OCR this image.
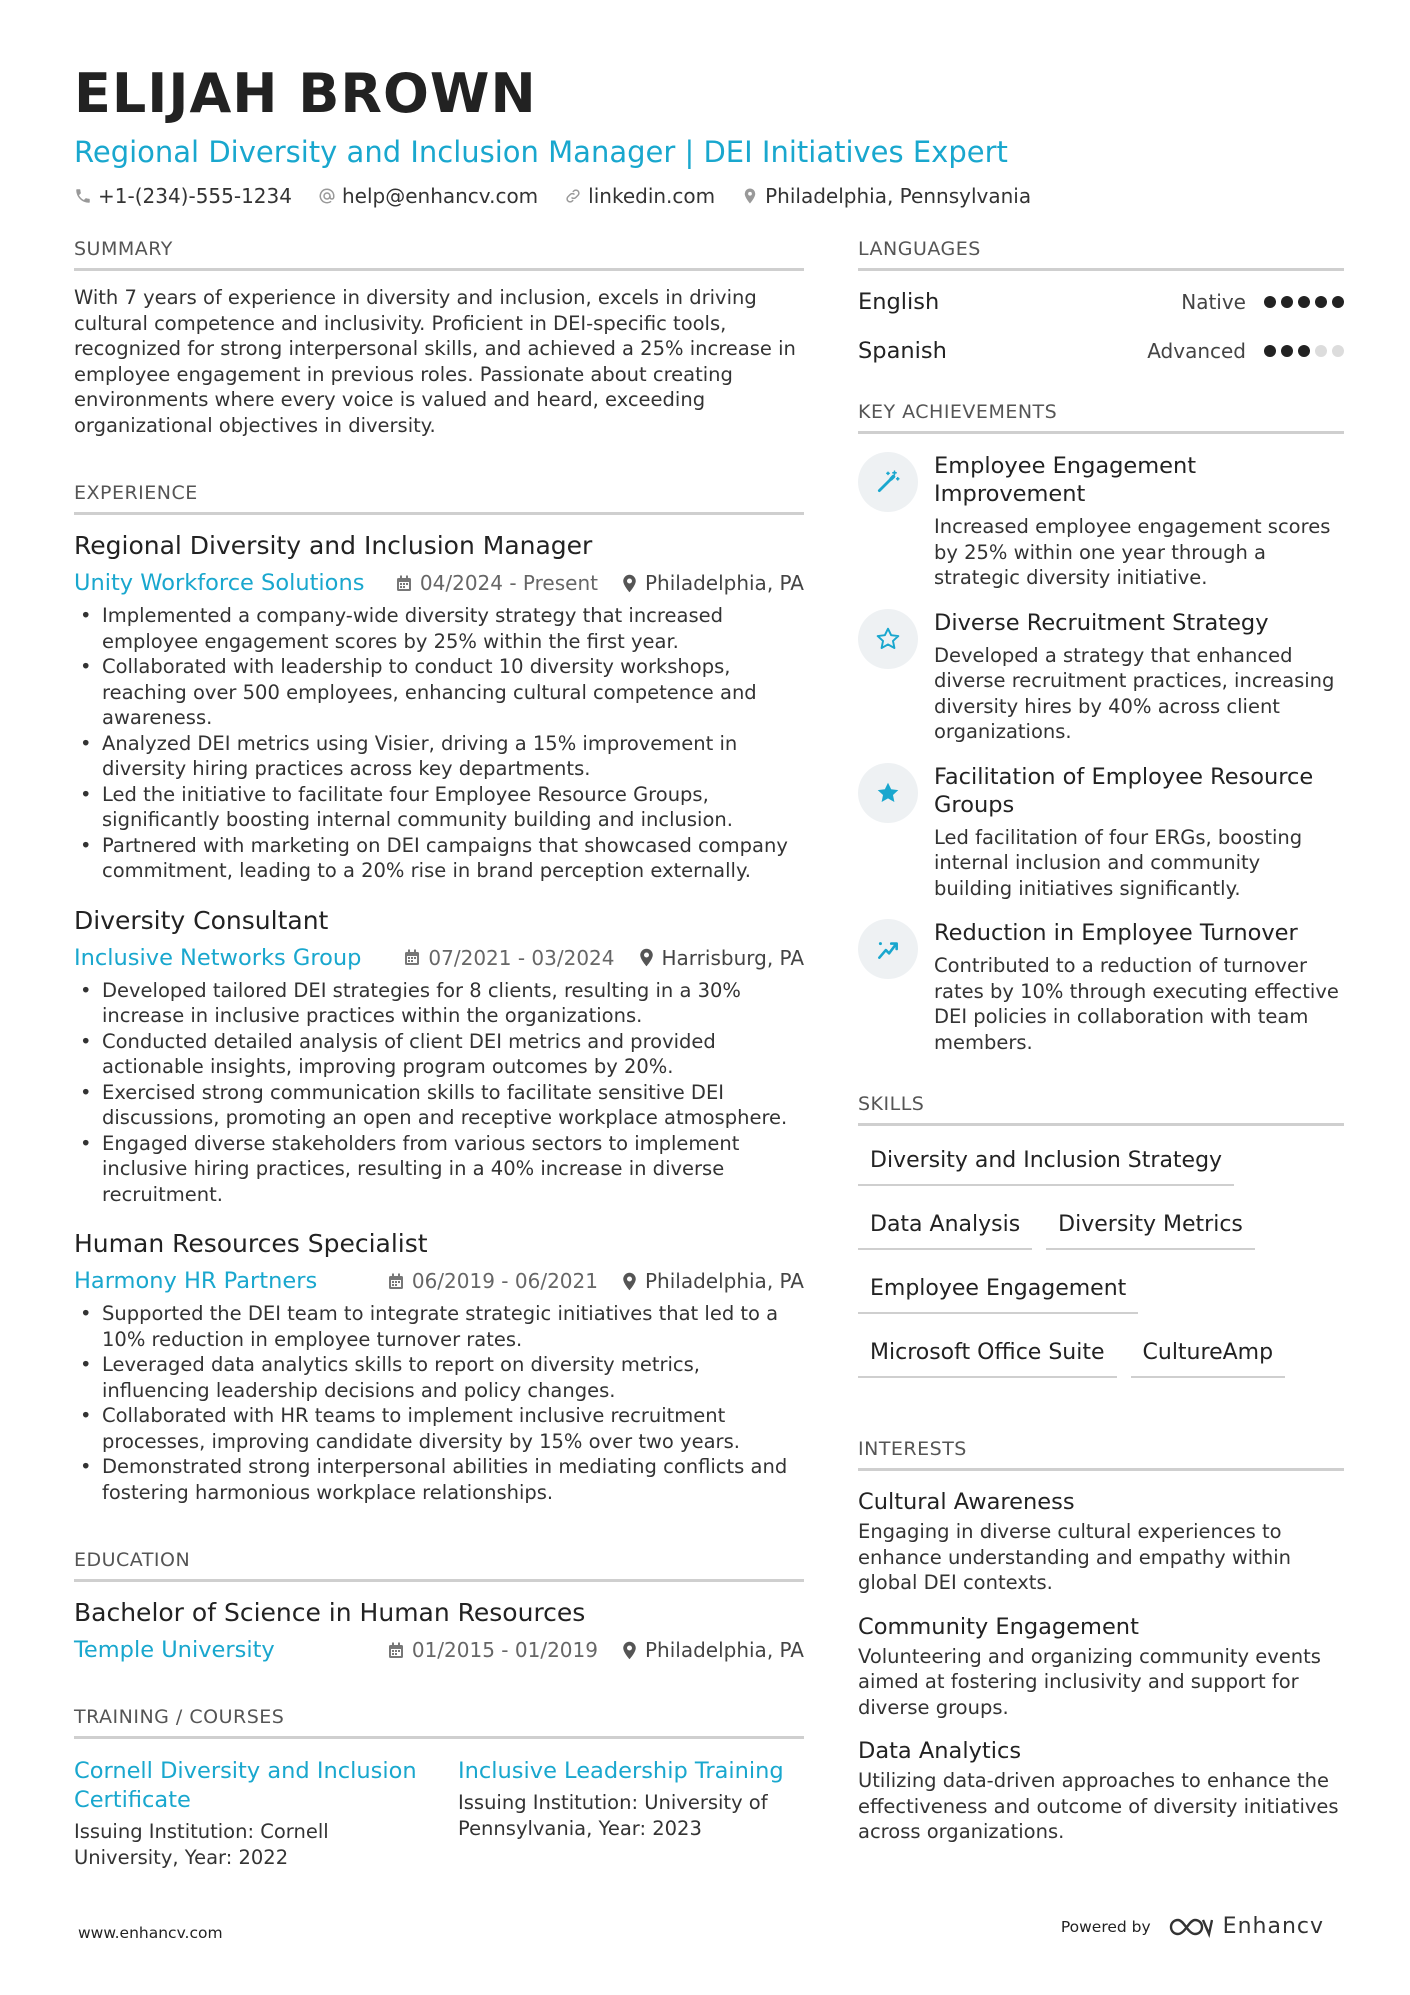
ELIJAH BROWN
Regional Diversity and Inclusion Manager | DEI Initiatives Expert
+1-(234)-555-1234	help@enhancv.com	linkedin.com	Philadelphia, Pennsylvania
SUMMARY
With 7 years of experience in diversity and inclusion, excels in driving cultural competence and inclusivity. Proficient in DEI-specific tools, recognized for strong interpersonal skills, and achieved a 25% increase in employee engagement in previous roles. Passionate about creating environments where every voice is valued and heard, exceeding organizational objectives in diversity.
EXPERIENCE
Regional Diversity and Inclusion Manager
Unity Workforce Solutions	04/2024 - Present Philadelphia, PA
• Implemented a company-wide diversity strategy that increased employee engagement scores by 25% within the first year.
• Collaborated with leadership to conduct 10 diversity workshops, reaching over 500 employees, enhancing cultural competence and awareness.
• Analyzed DEI metrics using Visier, driving a 15% improvement in diversity hiring practices across key departments.
• Led the initiative to facilitate four Employee Resource Groups, significantly boosting internal community building and inclusion.
• Partnered with marketing on DEI campaigns that showcased company commitment, leading to a 20% rise in brand perception externally.
Diversity Consultant
Inclusive Networks Group	07/2021 - 03/2024 Harrisburg, PA
• Developed tailored DEI strategies for 8 clients, resulting in a 30% increase in inclusive practices within the organizations.
• Conducted detailed analysis of client DEI metrics and provided actionable insights, improving program outcomes by 20%.
• Exercised strong communication skills to facilitate sensitive DEI discussions, promoting an open and receptive workplace atmosphere.
• Engaged diverse stakeholders from various sectors to implement inclusive hiring practices, resulting in a 40% increase in diverse recruitment.
Human Resources Specialist
Harmony HR Partners	06/2019 - 06/2021 Philadelphia, PA
• Supported the DEI team to integrate strategic initiatives that led to a 10% reduction in employee turnover rates.
• Leveraged data analytics skills to report on diversity metrics, influencing leadership decisions and policy changes.
• Collaborated with HR teams to implement inclusive recruitment processes, improving candidate diversity by 15% over two years.
• Demonstrated strong interpersonal abilities in mediating conflicts and fostering harmonious workplace relationships.
EDUCATION
Bachelor of Science in Human Resources
Temple University	01/2015 - 01/2019 Philadelphia, PA
TRAINING / COURSES
Cornell Diversity and Inclusion Certificate
Issuing Institution: Cornell University, Year: 2022
Inclusive Leadership Training
Issuing Institution: University of Pennsylvania, Year: 2023
LANGUAGES
English	Native
Spanish	Advanced
KEY ACHIEVEMENTS
Employee Engagement Improvement
Increased employee engagement scores by 25% within one year through a strategic diversity initiative.
Diverse Recruitment Strategy
Developed a strategy that enhanced diverse recruitment practices, increasing diversity hires by 40% across client organizations.
Facilitation of Employee Resource Groups
Led facilitation of four ERGs, boosting internal inclusion and community building initiatives significantly.
Reduction in Employee Turnover
Contributed to a reduction of turnover rates by 10% through executing effective DEI policies in collaboration with team members.
SKILLS
Diversity and Inclusion Strategy
Data Analysis	Diversity Metrics
Employee Engagement
Microsoft Office Suite	CultureAmp
INTERESTS
Cultural Awareness
Engaging in diverse cultural experiences to enhance understanding and empathy within global DEI contexts.
Community Engagement
Volunteering and organizing community events aimed at fostering inclusivity and support for diverse groups.
Data Analytics
Utilizing data-driven approaches to enhance the effectiveness and outcome of diversity initiatives across organizations.
www.enhancv.com	Powered by	Enhancv
